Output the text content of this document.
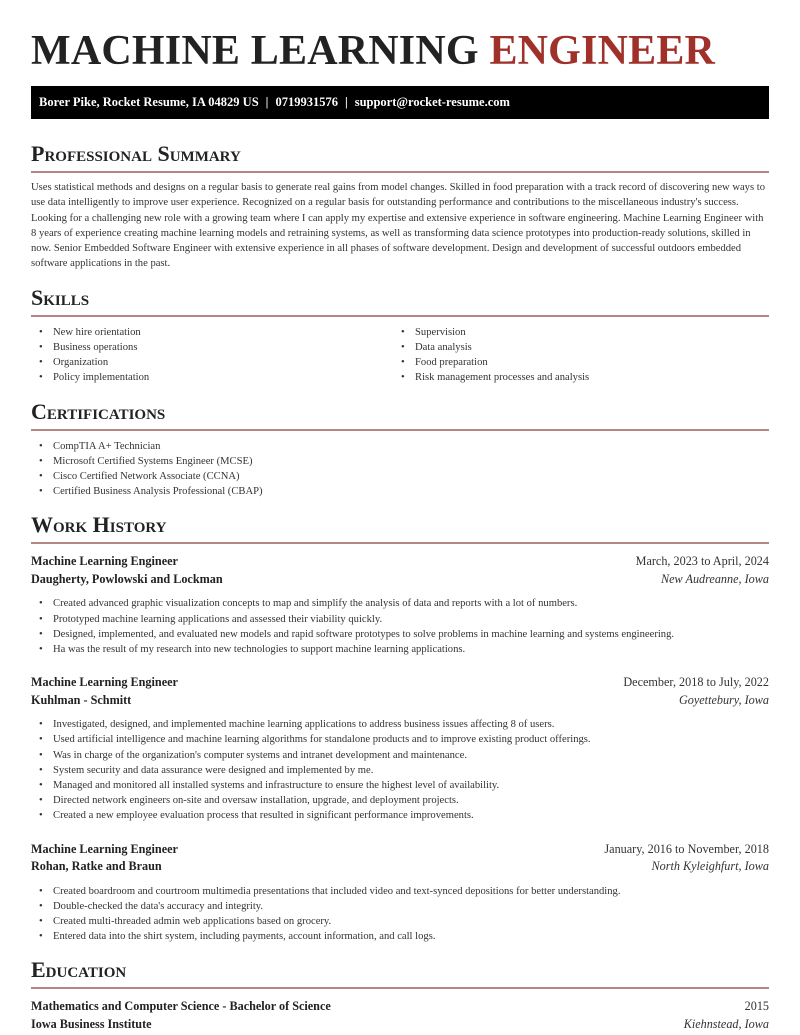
MACHINE LEARNING ENGINEER
Borer Pike, Rocket Resume, IA 04829 US | 0719931576 | support@rocket-resume.com
Professional Summary

Uses statistical methods and designs on a regular basis to generate real gains from model changes. Skilled in food preparation with a track record of discovering new ways to use data intelligently to improve user experience. Recognized on a regular basis for outstanding performance and contributions to the miscellaneous industry's success. Looking for a challenging new role with a growing team where I can apply my expertise and extensive experience in software engineering. Machine Learning Engineer with 8 years of experience creating machine learning models and retraining systems, as well as transforming data science prototypes into production-ready solutions, skilled in now. Senior Embedded Software Engineer with extensive experience in all phases of software development. Design and development of successful outdoors embedded software applications in the past.

Skills
• New hire orientation
• Business operations
• Organization
• Policy implementation
• Supervision
• Data analysis
• Food preparation
• Risk management processes and analysis
Certifications
• CompTIA A+ Technician
• Microsoft Certified Systems Engineer (MCSE)
• Cisco Certified Network Associate (CCNA)
• Certified Business Analysis Professional (CBAP)
Work History
Machine Learning Engineer	March, 2023 to April, 2024
Daugherty, Powlowski and Lockman	New Audreanne, Iowa
• Created advanced graphic visualization concepts to map and simplify the analysis of data and reports with a lot of numbers.
• Prototyped machine learning applications and assessed their viability quickly.
• Designed, implemented, and evaluated new models and rapid software prototypes to solve problems in machine learning and systems engineering.
• Ha was the result of my research into new technologies to support machine learning applications.
Machine Learning Engineer	December, 2018 to July, 2022
Kuhlman - Schmitt	Goyettebury, Iowa
• Investigated, designed, and implemented machine learning applications to address business issues affecting 8 of users.
• Used artificial intelligence and machine learning algorithms for standalone products and to improve existing product offerings.
• Was in charge of the organization's computer systems and intranet development and maintenance.
• System security and data assurance were designed and implemented by me.
• Managed and monitored all installed systems and infrastructure to ensure the highest level of availability.
• Directed network engineers on-site and oversaw installation, upgrade, and deployment projects.
• Created a new employee evaluation process that resulted in significant performance improvements.
Machine Learning Engineer	January, 2016 to November, 2018
Rohan, Ratke and Braun	North Kyleighfurt, Iowa
• Created boardroom and courtroom multimedia presentations that included video and text-synced depositions for better understanding.
• Double-checked the data's accuracy and integrity.
• Created multi-threaded admin web applications based on grocery.
• Entered data into the shirt system, including payments, account information, and call logs.
Education
Mathematics and Computer Science - Bachelor of Science	2015
Iowa Business Institute	Kiehnstead, Iowa
